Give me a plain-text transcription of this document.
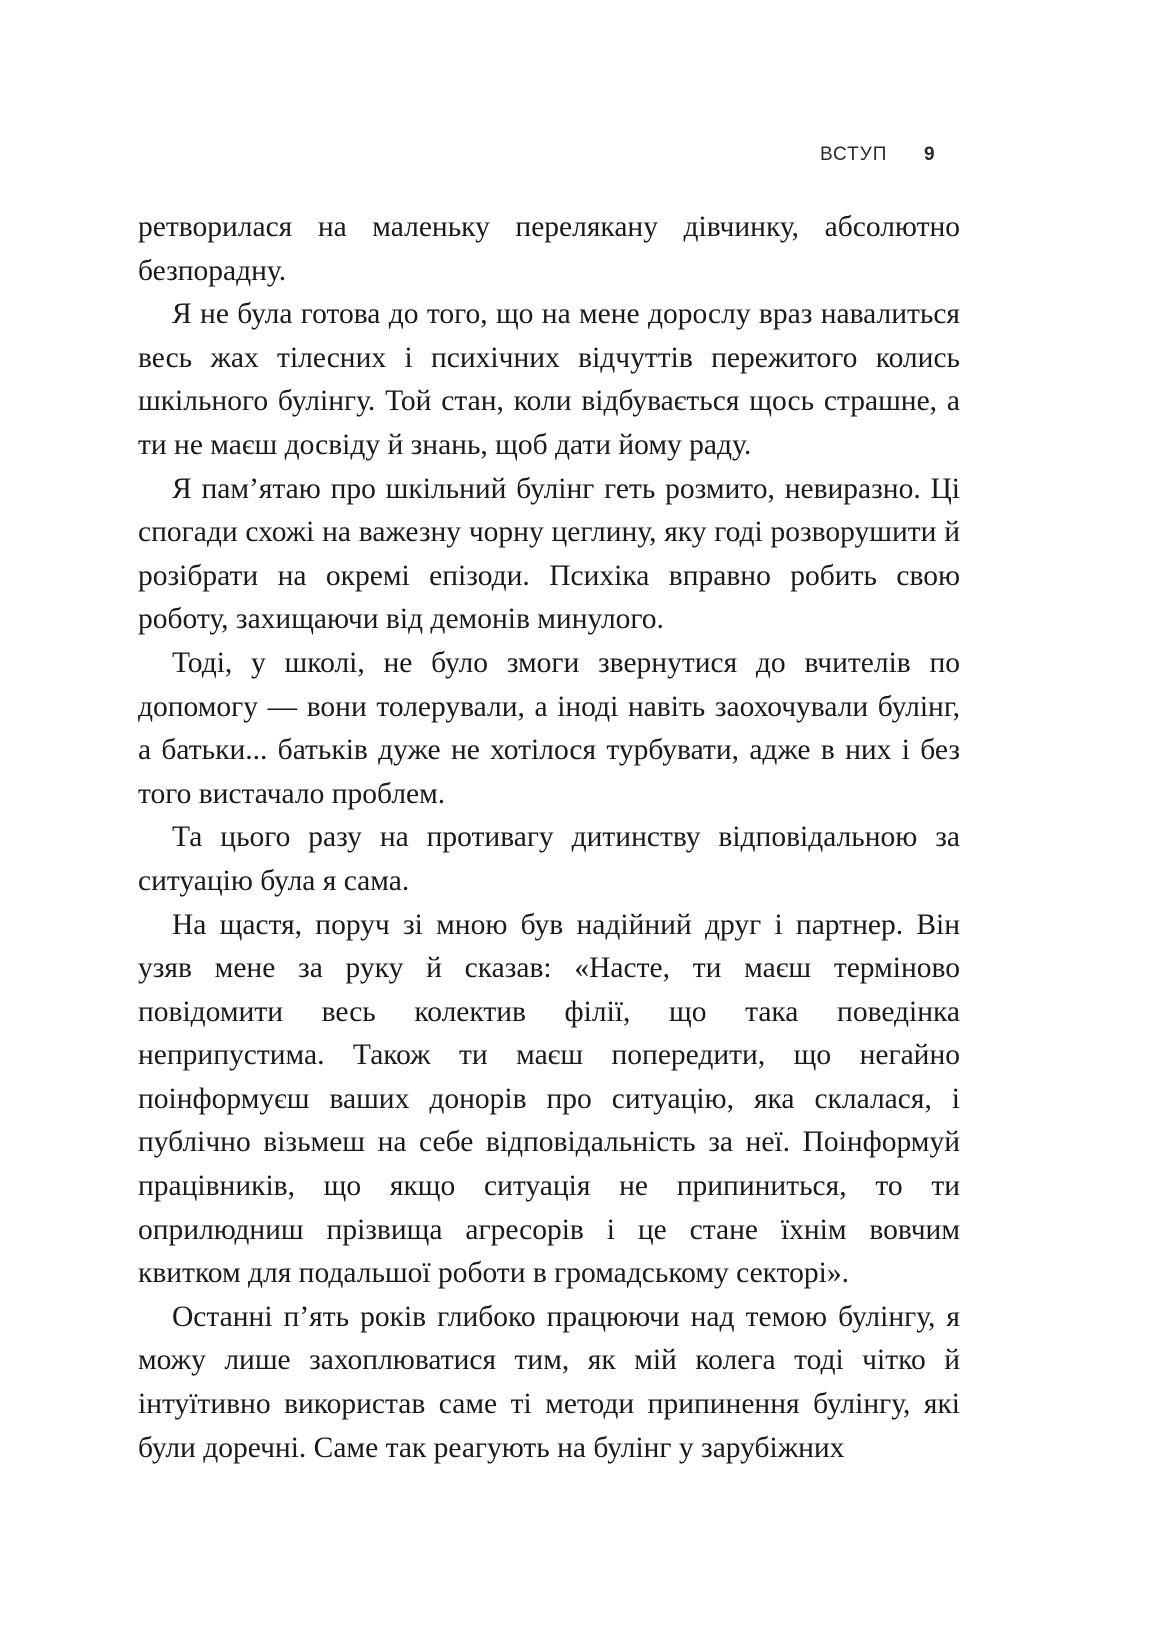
ВСТУП 9

ретворилася на маленьку перелякану дівчинку, абсолютно безпорадну.

Я не була готова до того, що на мене дорослу враз навалиться весь жах тілесних і психічних відчуттів пережитого колись шкільного булінгу. Той стан, коли відбувається щось страшне, а ти не маєш досвіду й знань, щоб дати йому раду.

Я пам’ятаю про шкільний булінг геть розмито, невиразно. Ці спогади схожі на важезну чорну цеглину, яку годі розворушити й розібрати на окремі епізоди. Психіка вправно робить свою роботу, захищаючи від демонів минулого.

Тоді, у школі, не було змоги звернутися до вчителів по допомогу — вони толерували, а іноді навіть заохочували булінг, а батьки... батьків дуже не хотілося турбувати, адже в них і без того вистачало проблем.

Та цього разу на противагу дитинству відповідальною за ситуацію була я сама.

На щастя, поруч зі мною був надійний друг і партнер. Він узяв мене за руку й сказав: «Насте, ти маєш терміново повідомити весь колектив філії, що така поведінка неприпустима. Також ти маєш попередити, що негайно поінформуєш ваших донорів про ситуацію, яка склалася, і публічно візьмеш на себе відповідальність за неї. Поінформуй працівників, що якщо ситуація не припиниться, то ти оприлюдниш прізвища агресорів і це стане їхнім вовчим квитком для подальшої роботи в громадському секторі».

Останні п’ять років глибоко працюючи над темою булінгу, я можу лише захоплюватися тим, як мій колега тоді чітко й інтуїтивно використав саме ті методи припинення булінгу, які були доречні. Саме так реагують на булінг у зарубіжних
